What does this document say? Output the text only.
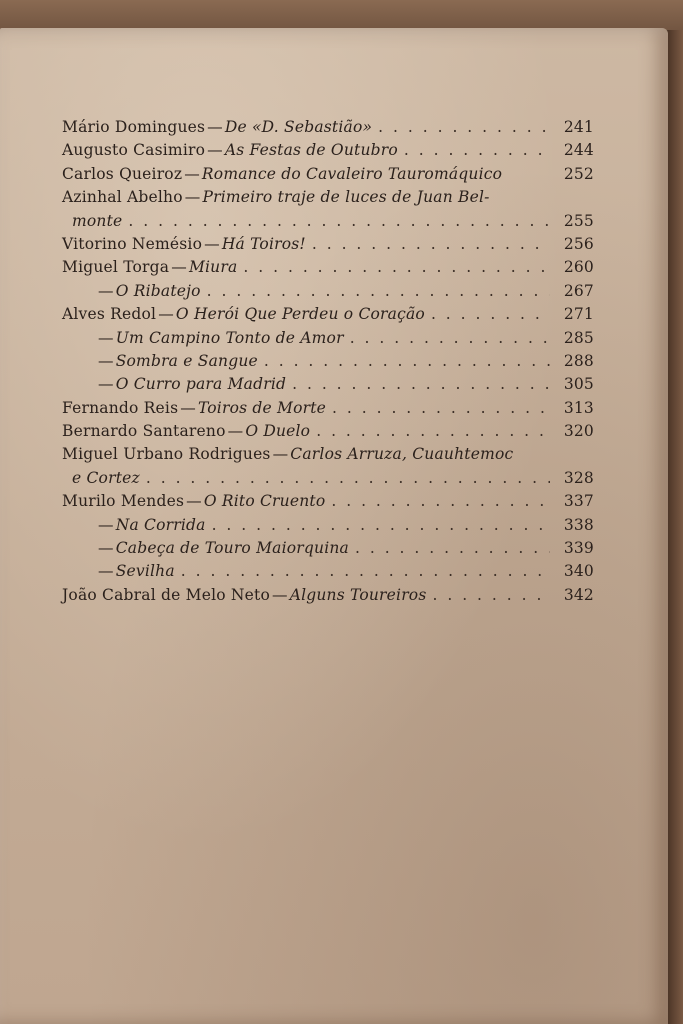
Mário Domingues — De «D. Sebastião» . . .	241
Augusto Casimiro — As Festas de Outubro . . .	244
Carlos Queiroz — Romance do Cavaleiro Tauromáquico	252
Azinhal Abelho — Primeiro traje de luces de Juan Bel-
monte . . .	255
Vitorino Nemésio — Há Toiros! . . .	256
Miguel Torga — Miura . . .	260
— O Ribatejo . . .	267
Alves Redol — O Herói Que Perdeu o Coração . . .	271
— Um Campino Tonto de Amor . . .	285
— Sombra e Sangue . . .	288
— O Curro para Madrid . . .	305
Fernando Reis — Toiros de Morte . . .	313
Bernardo Santareno — O Duelo . . .	320
Miguel Urbano Rodrigues — Carlos Arruza, Cuauhtemoc
e Cortez . . .	328
Murilo Mendes — O Rito Cruento . . .	337
— Na Corrida . . .	338
— Cabeça de Touro Maiorquina . . .	339
— Sevilha . . .	340
João Cabral de Melo Neto — Alguns Toureiros . . .	342
